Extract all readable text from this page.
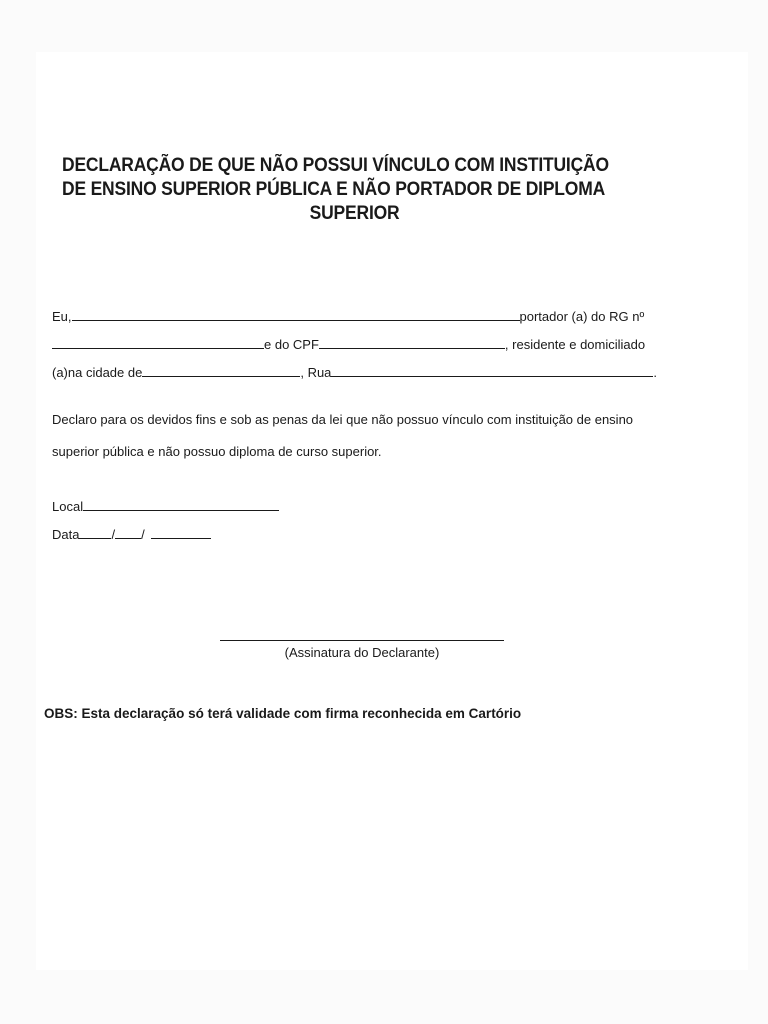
DECLARAÇÃO DE QUE NÃO POSSUI VÍNCULO COM INSTITUIÇÃO
DE ENSINO SUPERIOR PÚBLICA E NÃO PORTADOR DE DIPLOMA
SUPERIOR
Eu,	portador (a) do RG nº
e do CPF	, residente e domiciliado
(a)na cidade de	, Rua	.
Declaro para os devidos fins e sob as penas da lei que não possuo vínculo com instituição de ensino
superior pública e não possuo diploma de curso superior.
Local
Data / /
(Assinatura do Declarante)
OBS: Esta declaração só terá validade com firma reconhecida em Cartório
